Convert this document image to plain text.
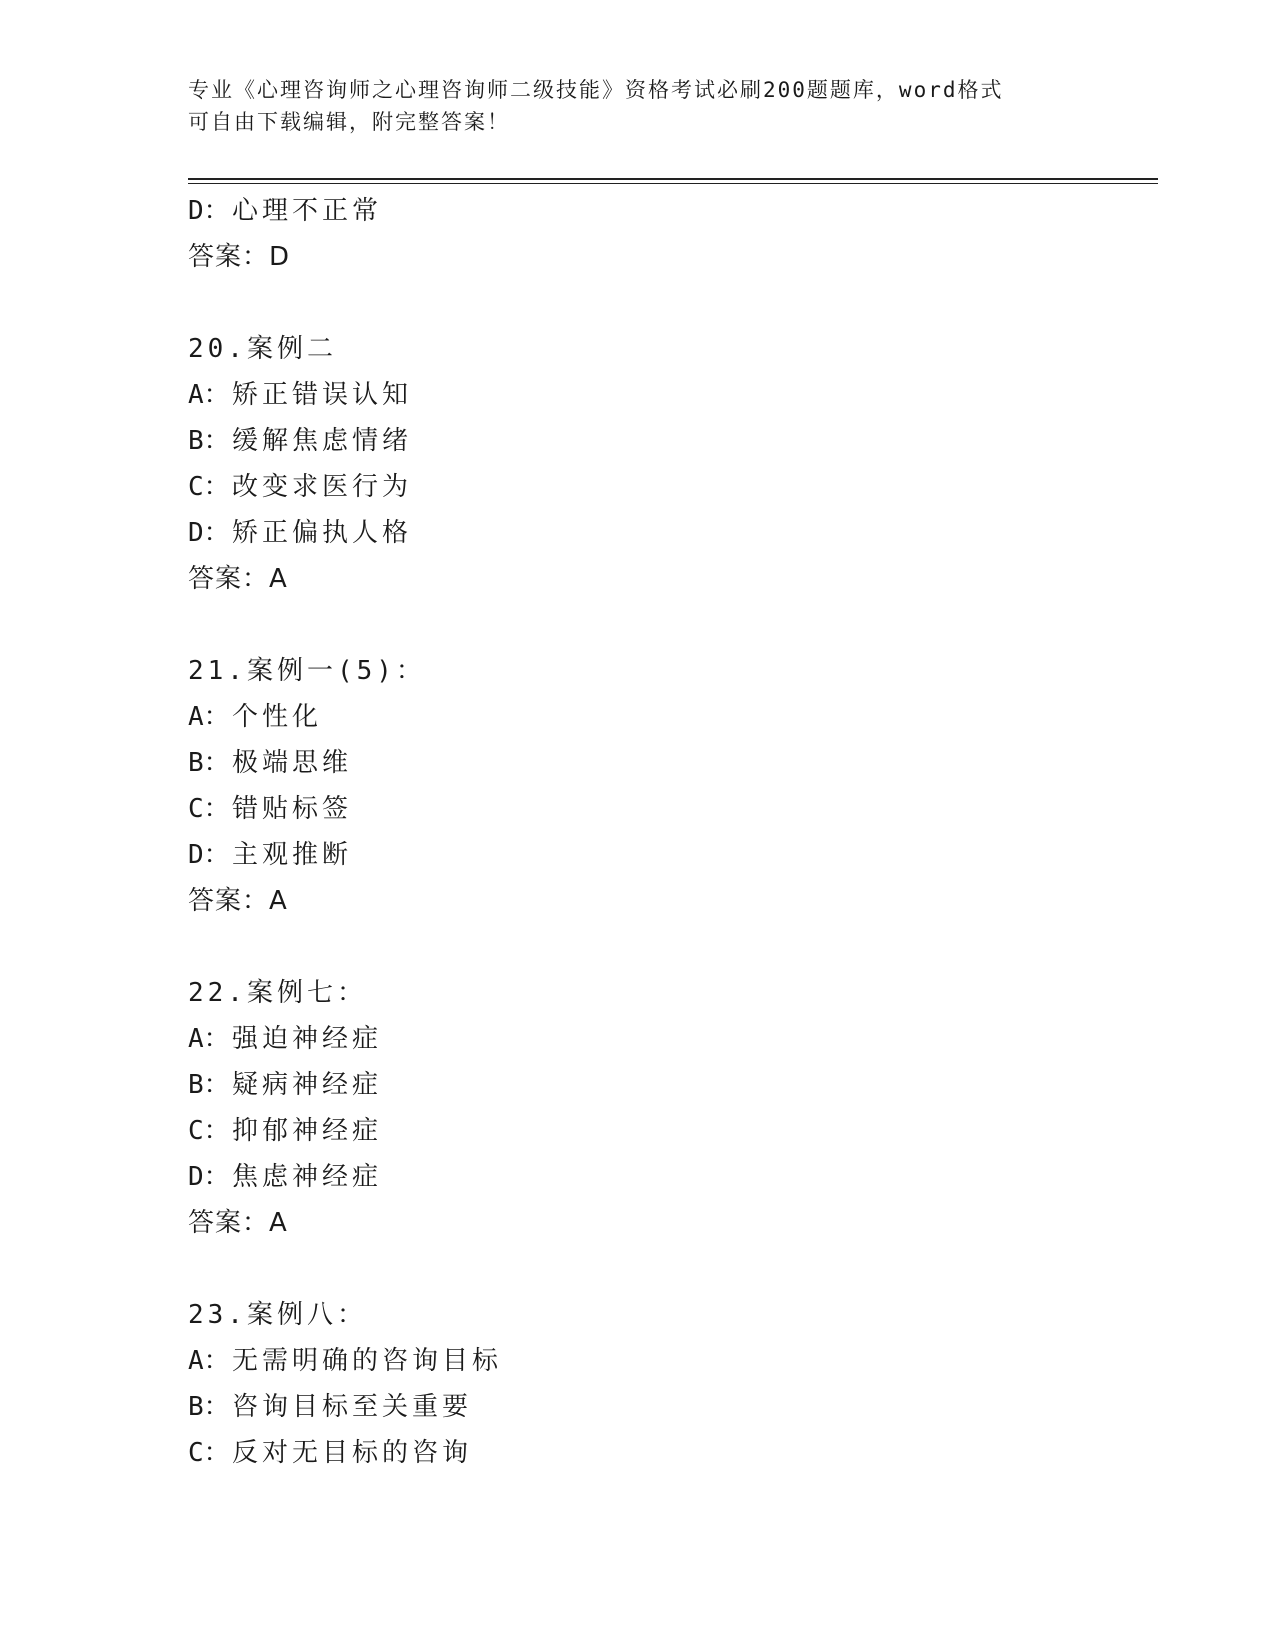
专业《心理咨询师之心理咨询师二级技能》资格考试必刷200题题库，word格式
可自由下载编辑，附完整答案！
D：心理不正常
答案：D
20.案例二
A：矫正错误认知
B：缓解焦虑情绪
C：改变求医行为
D：矫正偏执人格
答案：A
21.案例一(5)：
A：个性化
B：极端思维
C：错贴标签
D：主观推断
答案：A
22.案例七：
A：强迫神经症
B：疑病神经症
C：抑郁神经症
D：焦虑神经症
答案：A
23.案例八：
A：无需明确的咨询目标
B：咨询目标至关重要
C：反对无目标的咨询
